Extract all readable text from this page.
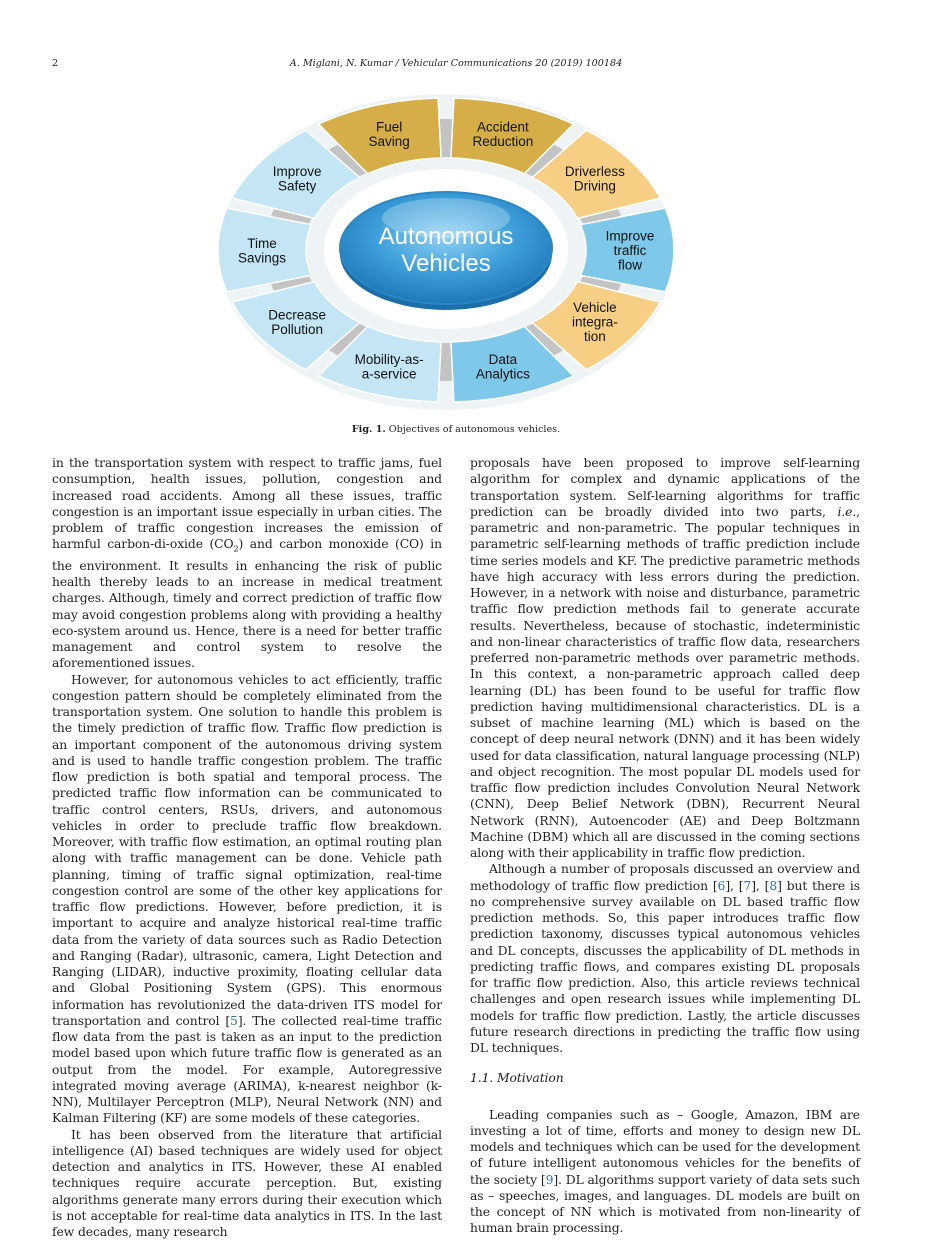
2	A. Miglani, N. Kumar / Vehicular Communications 20 (2019) 100184
Accident
Reduction
Driverless
Driving
Improve
traffic
flow
Vehicle
integra-
tion
Data
Analytics
Mobility-as-
a-service
Decrease
Pollution
Time
Savings
Improve
Safety
Fuel
Saving
Autonomous
Vehicles
Fig. 1. Objectives of autonomous vehicles.

in the transportation system with respect to traffic jams, fuel consumption, health issues, pollution, congestion and increased road accidents. Among all these issues, traffic congestion is an important issue especially in urban cities. The problem of traffic congestion increases the emission of harmful carbon-di-oxide $(CO_2)$ and carbon monoxide (CO) in the environment. It results in enhancing the risk of public health thereby leads to an increase in medical treatment charges. Although, timely and correct prediction of traffic flow may avoid congestion problems along with providing a healthy eco-system around us. Hence, there is a need for better traffic management and control system to resolve the aforementioned issues.

However, for autonomous vehicles to act efficiently, traffic congestion pattern should be completely eliminated from the transportation system. One solution to handle this problem is the timely prediction of traffic flow. Traffic flow prediction is an important component of the autonomous driving system and is used to handle traffic congestion problem. The traffic flow prediction is both spatial and temporal process. The predicted traffic flow information can be communicated to traffic control centers, RSUs, drivers, and autonomous vehicles in order to preclude traffic flow breakdown. Moreover, with traffic flow estimation, an optimal routing plan along with traffic management can be done. Vehicle path planning, timing of traffic signal optimization, real-time congestion control are some of the other key applications for traffic flow predictions. However, before prediction, it is important to acquire and analyze historical real-time traffic data from the variety of data sources such as Radio Detection and Ranging (Radar), ultrasonic, camera, Light Detection and Ranging (LIDAR), inductive proximity, floating cellular data and Global Positioning System (GPS). This enormous information has revolutionized the data-driven ITS model for transportation and control [5]. The collected real-time traffic flow data from the past is taken as an input to the prediction model based upon which future traffic flow is generated as an output from the model. For example, Autoregressive integrated moving average (ARIMA), k-nearest neighbor (k-NN), Multilayer Perceptron (MLP), Neural Network (NN) and Kalman Filtering (KF) are some models of these categories.

It has been observed from the literature that artificial intelligence (AI) based techniques are widely used for object detection and analytics in ITS. However, these AI enabled techniques require accurate perception. But, existing algorithms generate many errors during their execution which is not acceptable for real-time data analytics in ITS. In the last few decades, many research

proposals have been proposed to improve self-learning algorithm for complex and dynamic applications of the transportation system. Self-learning algorithms for traffic prediction can be broadly divided into two parts, i.e., parametric and non-parametric. The popular techniques in parametric self-learning methods of traffic prediction include time series models and KF. The predictive parametric methods have high accuracy with less errors during the prediction. However, in a network with noise and disturbance, parametric traffic flow prediction methods fail to generate accurate results. Nevertheless, because of stochastic, indeterministic and non-linear characteristics of traffic flow data, researchers preferred non-parametric methods over parametric methods. In this context, a non-parametric approach called deep learning (DL) has been found to be useful for traffic flow prediction having multidimensional characteristics. DL is a subset of machine learning (ML) which is based on the concept of deep neural network (DNN) and it has been widely used for data classification, natural language processing (NLP) and object recognition. The most popular DL models used for traffic flow prediction includes Convolution Neural Network (CNN), Deep Belief Network (DBN), Recurrent Neural Network (RNN), Autoencoder (AE) and Deep Boltzmann Machine (DBM) which all are discussed in the coming sections along with their applicability in traffic flow prediction.

Although a number of proposals discussed an overview and methodology of traffic flow prediction [6], [7], [8] but there is no comprehensive survey available on DL based traffic flow prediction methods. So, this paper introduces traffic flow prediction taxonomy, discusses typical autonomous vehicles and DL concepts, discusses the applicability of DL methods in predicting traffic flows, and compares existing DL proposals for traffic flow prediction. Also, this article reviews technical challenges and open research issues while implementing DL models for traffic flow prediction. Lastly, the article discusses future research directions in predicting the traffic flow using DL techniques.

1.1. Motivation

Leading companies such as – Google, Amazon, IBM are investing a lot of time, efforts and money to design new DL models and techniques which can be used for the development of future intelligent autonomous vehicles for the benefits of the society [9]. DL algorithms support variety of data sets such as – speeches, images, and languages. DL models are built on the concept of NN which is motivated from non-linearity of human brain processing.
